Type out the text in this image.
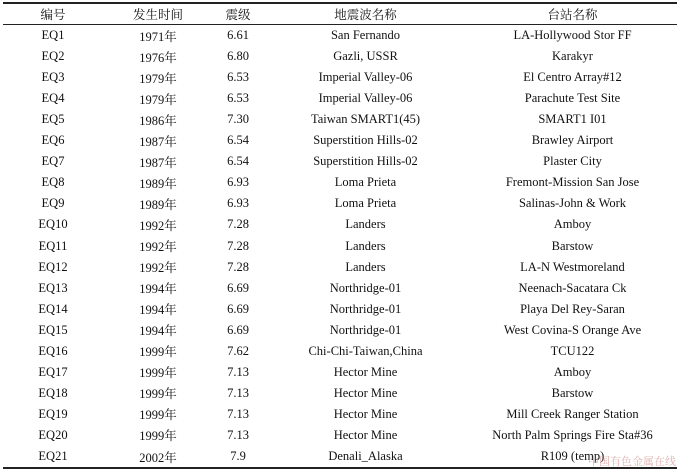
编号	发生时间	震级	地震波名称	台站名称
EQ1	1971年	6.61	San Fernando	LA-Hollywood Stor FF
EQ2	1976年	6.80	Gazli, USSR	Karakyr
EQ3	1979年	6.53	Imperial Valley-06	El Centro Array#12
EQ4	1979年	6.53	Imperial Valley-06	Parachute Test Site
EQ5	1986年	7.30	Taiwan SMART1(45)	SMART1 I01
EQ6	1987年	6.54	Superstition Hills-02	Brawley Airport
EQ7	1987年	6.54	Superstition Hills-02	Plaster City
EQ8	1989年	6.93	Loma Prieta	Fremont-Mission San Jose
EQ9	1989年	6.93	Loma Prieta	Salinas-John & Work
EQ10	1992年	7.28	Landers	Amboy
EQ11	1992年	7.28	Landers	Barstow
EQ12	1992年	7.28	Landers	LA-N Westmoreland
EQ13	1994年	6.69	Northridge-01	Neenach-Sacatara Ck
EQ14	1994年	6.69	Northridge-01	Playa Del Rey-Saran
EQ15	1994年	6.69	Northridge-01	West Covina-S Orange Ave
EQ16	1999年	7.62	Chi-Chi-Taiwan,China	TCU122
EQ17	1999年	7.13	Hector Mine	Amboy
EQ18	1999年	7.13	Hector Mine	Barstow
EQ19	1999年	7.13	Hector Mine	Mill Creek Ranger Station
EQ20	1999年	7.13	Hector Mine	North Palm Springs Fire Sta#36
EQ21	2002年	7.9	Denali_Alaska	R109 (temp)
中国有色金属在线
